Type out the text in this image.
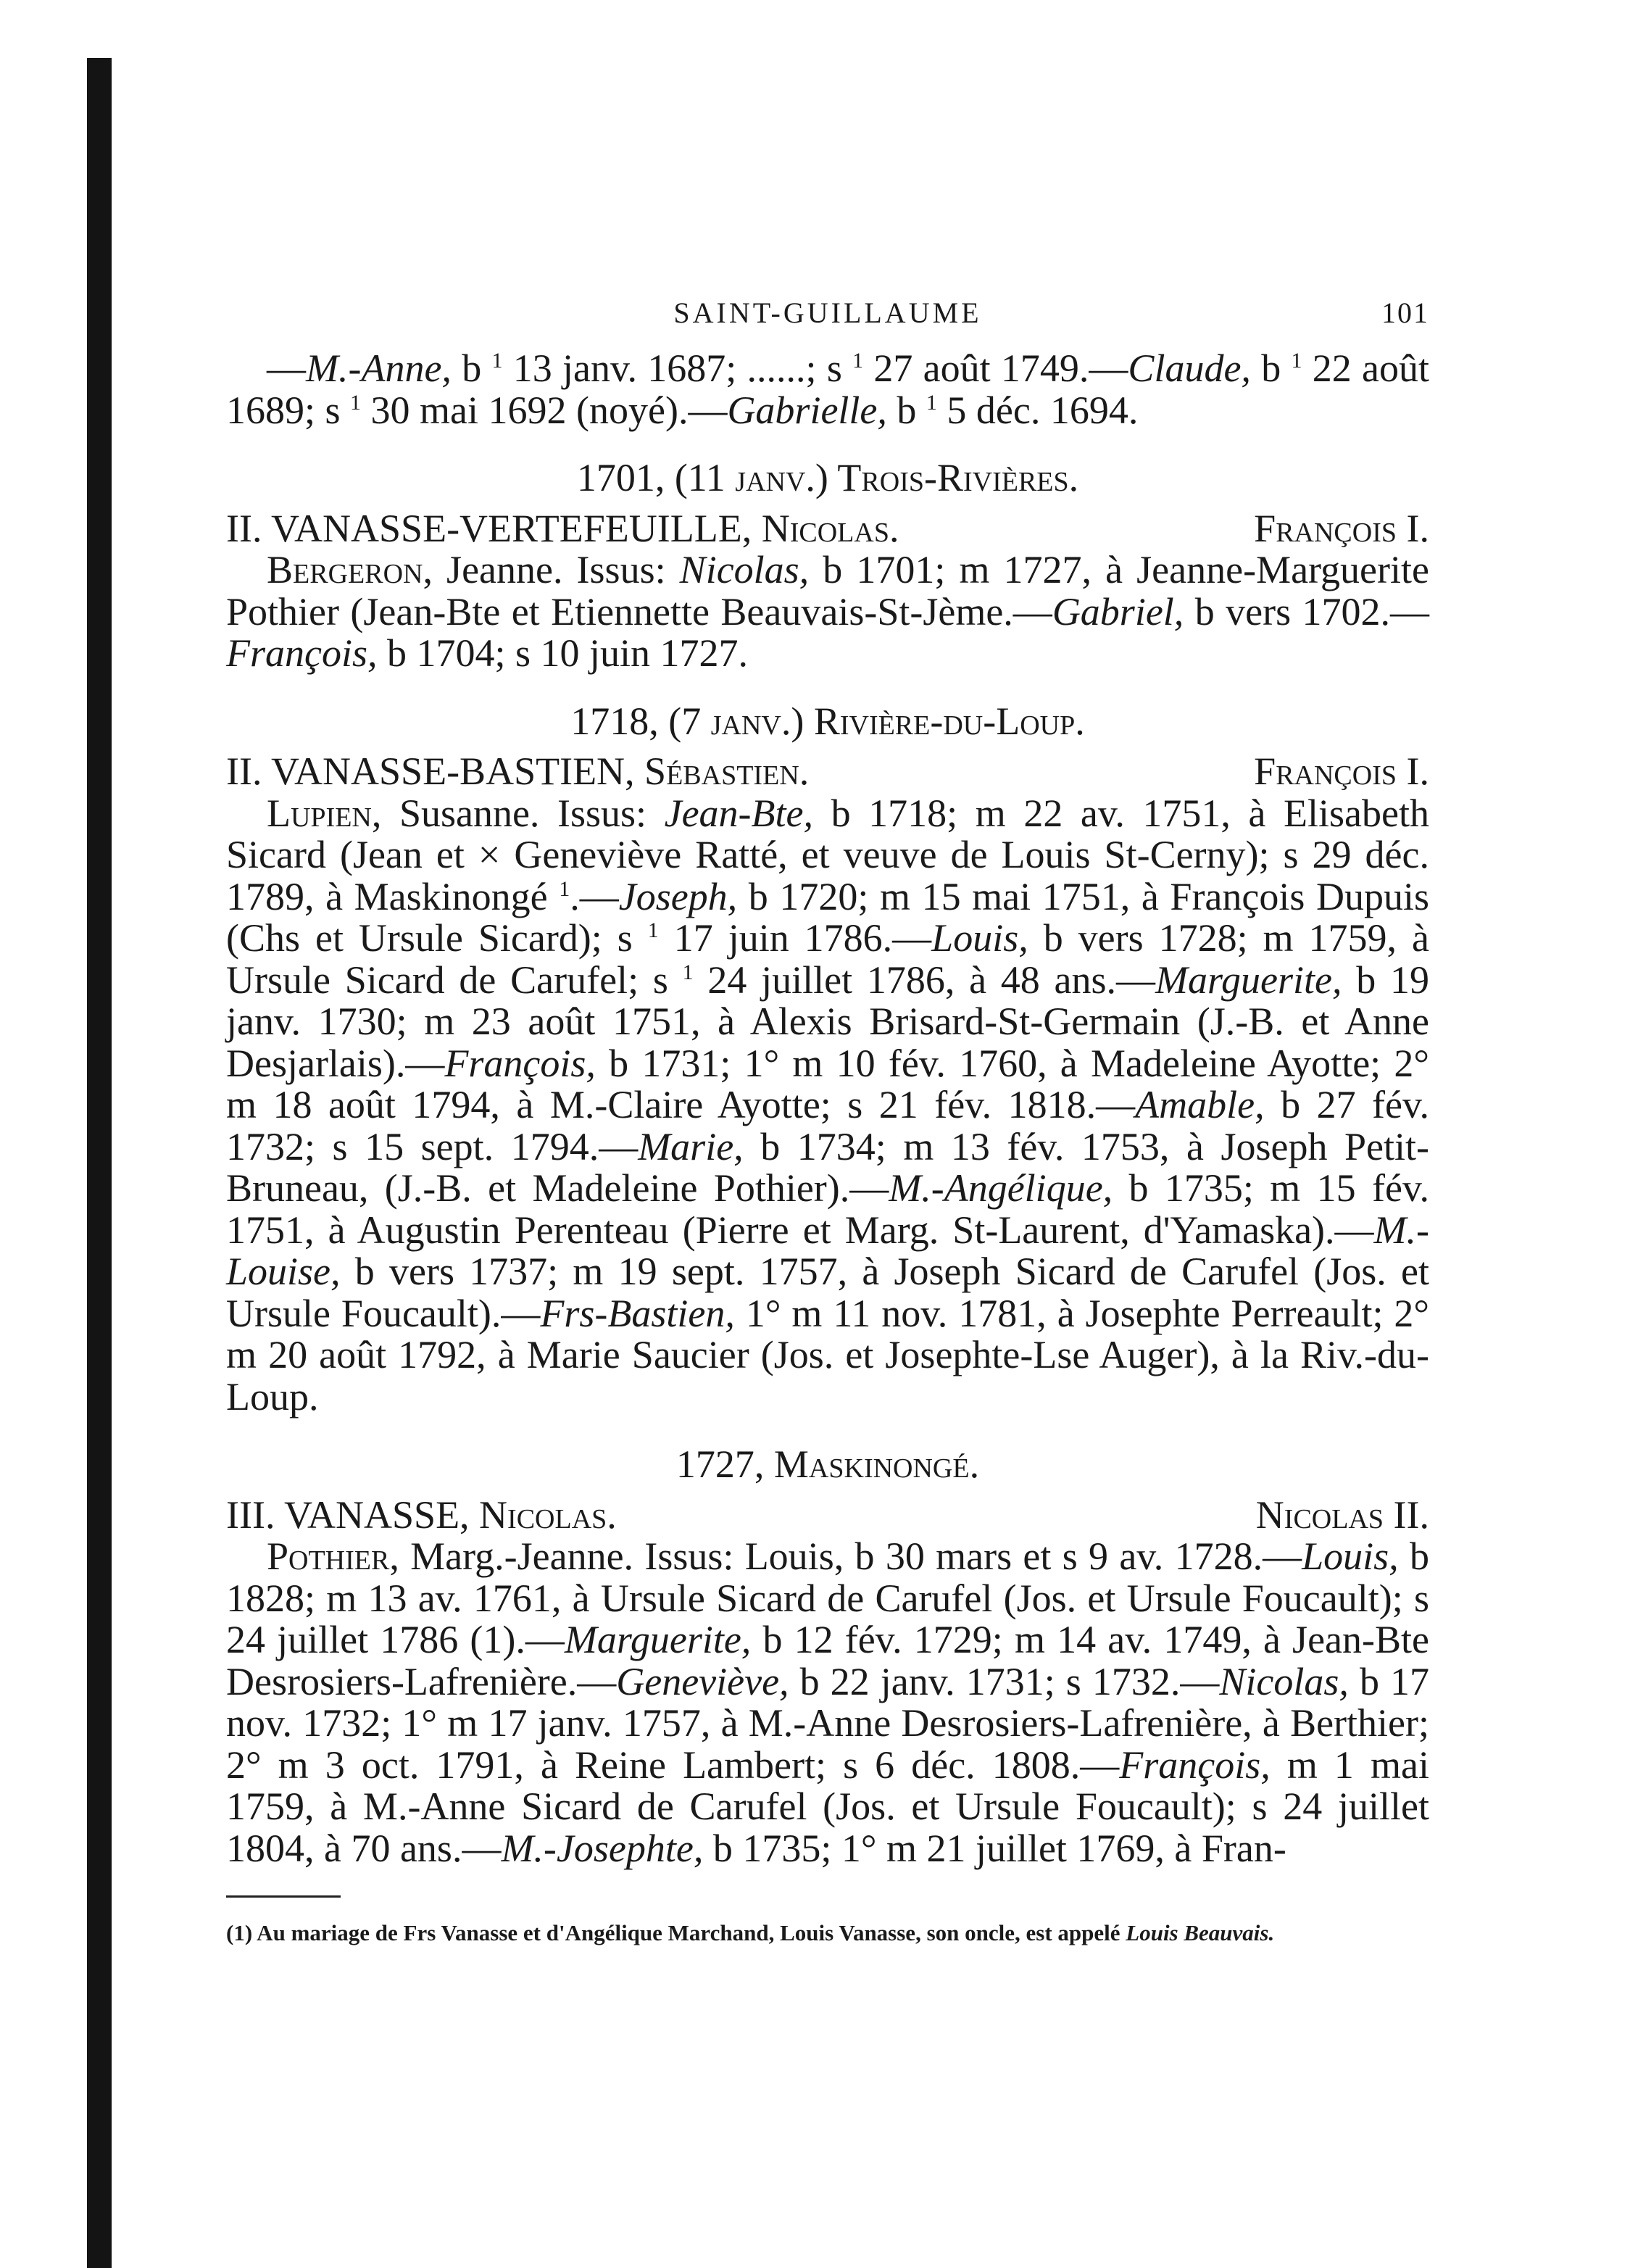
SAINT-GUILLAUME	101

—M.-Anne, b $^1$ 13 janv. 1687; ......; s $^1$ 27 août 1749.—Claude, b $^1$ 22 août 1689; s $^1$ 30 mai 1692 (noyé).—Gabrielle, b $^1$ 5 déc. 1694.

1701, (11 janv.) Trois-Rivières.

II. VANASSE-VERTEFEUILLE, Nicolas.	François I.

Bergeron, Jeanne. Issus: Nicolas, b 1701; m 1727, à Jeanne-Marguerite Pothier (Jean-Bte et Etiennette Beauvais-St-Jème.—Gabriel, b vers 1702.—François, b 1704; s 10 juin 1727.

1718, (7 janv.) Rivière-du-Loup.

II. VANASSE-BASTIEN, Sébastien.	François I.

Lupien, Susanne. Issus: Jean-Bte, b 1718; m 22 av. 1751, à Elisabeth Sicard (Jean et × Geneviève Ratté, et veuve de Louis St-Cerny); s 29 déc. 1789, à Maskinongé $^1$.—Joseph, b 1720; m 15 mai 1751, à François Dupuis (Chs et Ursule Sicard); s $^1$ 17 juin 1786.—Louis, b vers 1728; m 1759, à Ursule Sicard de Carufel; s $^1$ 24 juillet 1786, à 48 ans.—Marguerite, b 19 janv. 1730; m 23 août 1751, à Alexis Brisard-St-Germain (J.-B. et Anne Desjarlais).—François, b 1731; 1° m 10 fév. 1760, à Madeleine Ayotte; 2° m 18 août 1794, à M.-Claire Ayotte; s 21 fév. 1818.—Amable, b 27 fév. 1732; s 15 sept. 1794.—Marie, b 1734; m 13 fév. 1753, à Joseph Petit-Bruneau, (J.-B. et Madeleine Pothier).—M.-Angélique, b 1735; m 15 fév. 1751, à Augustin Perenteau (Pierre et Marg. St-Laurent, d'Yamaska).—M.-Louise, b vers 1737; m 19 sept. 1757, à Joseph Sicard de Carufel (Jos. et Ursule Foucault).—Frs-Bastien, 1° m 11 nov. 1781, à Josephte Perreault; 2° m 20 août 1792, à Marie Saucier (Jos. et Josephte-Lse Auger), à la Riv.-du-Loup.

1727, Maskinongé.

III. VANASSE, Nicolas.	Nicolas II.

Pothier, Marg.-Jeanne. Issus: Louis, b 30 mars et s 9 av. 1728.—Louis, b 1828; m 13 av. 1761, à Ursule Sicard de Carufel (Jos. et Ursule Foucault); s 24 juillet 1786 (1).—Marguerite, b 12 fév. 1729; m 14 av. 1749, à Jean-Bte Desrosiers-Lafrenière.—Geneviève, b 22 janv. 1731; s 1732.—Nicolas, b 17 nov. 1732; 1° m 17 janv. 1757, à M.-Anne Desrosiers-Lafrenière, à Berthier; 2° m 3 oct. 1791, à Reine Lambert; s 6 déc. 1808.—François, m 1 mai 1759, à M.-Anne Sicard de Carufel (Jos. et Ursule Foucault); s 24 juillet 1804, à 70 ans.—M.-Josephte, b 1735; 1° m 21 juillet 1769, à Fran-

(1) Au mariage de Frs Vanasse et d'Angélique Marchand, Louis Vanasse, son oncle, est appelé Louis Beauvais.
